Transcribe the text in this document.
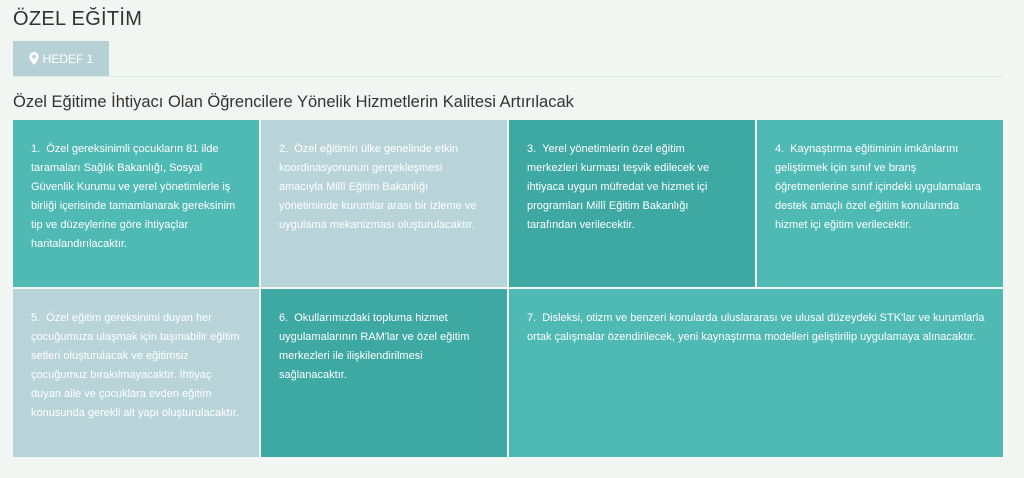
ÖZEL EĞİTİM
HEDEF 1
Özel Eğitime İhtiyacı Olan Öğrencilere Yönelik Hizmetlerin Kalitesi Artırılacak
1. Özel gereksinimli çocukların 81 ilde taramaları Sağlık Bakanlığı, Sosyal Güvenlik Kurumu ve yerel yönetimlerle iş birliği içerisinde tamamlanarak gereksinim tip ve düzeylerine göre ihtiyaçlar haritalandırılacaktır.
2. Özel eğitimin ülke genelinde etkin koordinasyonunun gerçekleşmesi amacıyla Millî Eğitim Bakanlığı yönetiminde kurumlar arası bir izleme ve uygulama mekanizması oluşturulacaktır.
3. Yerel yönetimlerin özel eğitim merkezleri kurması teşvik edilecek ve ihtiyaca uygun müfredat ve hizmet içi programları Millî Eğitim Bakanlığı tarafından verilecektir.
4. Kaynaştırma eğitiminin imkânlarını geliştirmek için sınıf ve branş öğretmenlerine sınıf içindeki uygulamalara destek amaçlı özel eğitim konularında hizmet içi eğitim verilecektir.
5. Özel eğitim gereksinimi duyan her çocuğumuza ulaşmak için taşınabilir eğitim setleri oluşturulacak ve eğitimsiz çocuğumuz bırakılmayacaktır. İhtiyaç duyan aile ve çocuklara evden eğitim konusunda gerekli alt yapı oluşturulacaktır.
6. Okullarımızdaki topluma hizmet uygulamalarının RAM'lar ve özel eğitim merkezleri ile ilişkilendirilmesi sağlanacaktır.
7. Disleksi, otizm ve benzeri konularda uluslararası ve ulusal düzeydeki STK'lar ve kurumlarla ortak çalışmalar özendirilecek, yeni kaynaştırma modelleri geliştirilip uygulamaya alınacaktır.
